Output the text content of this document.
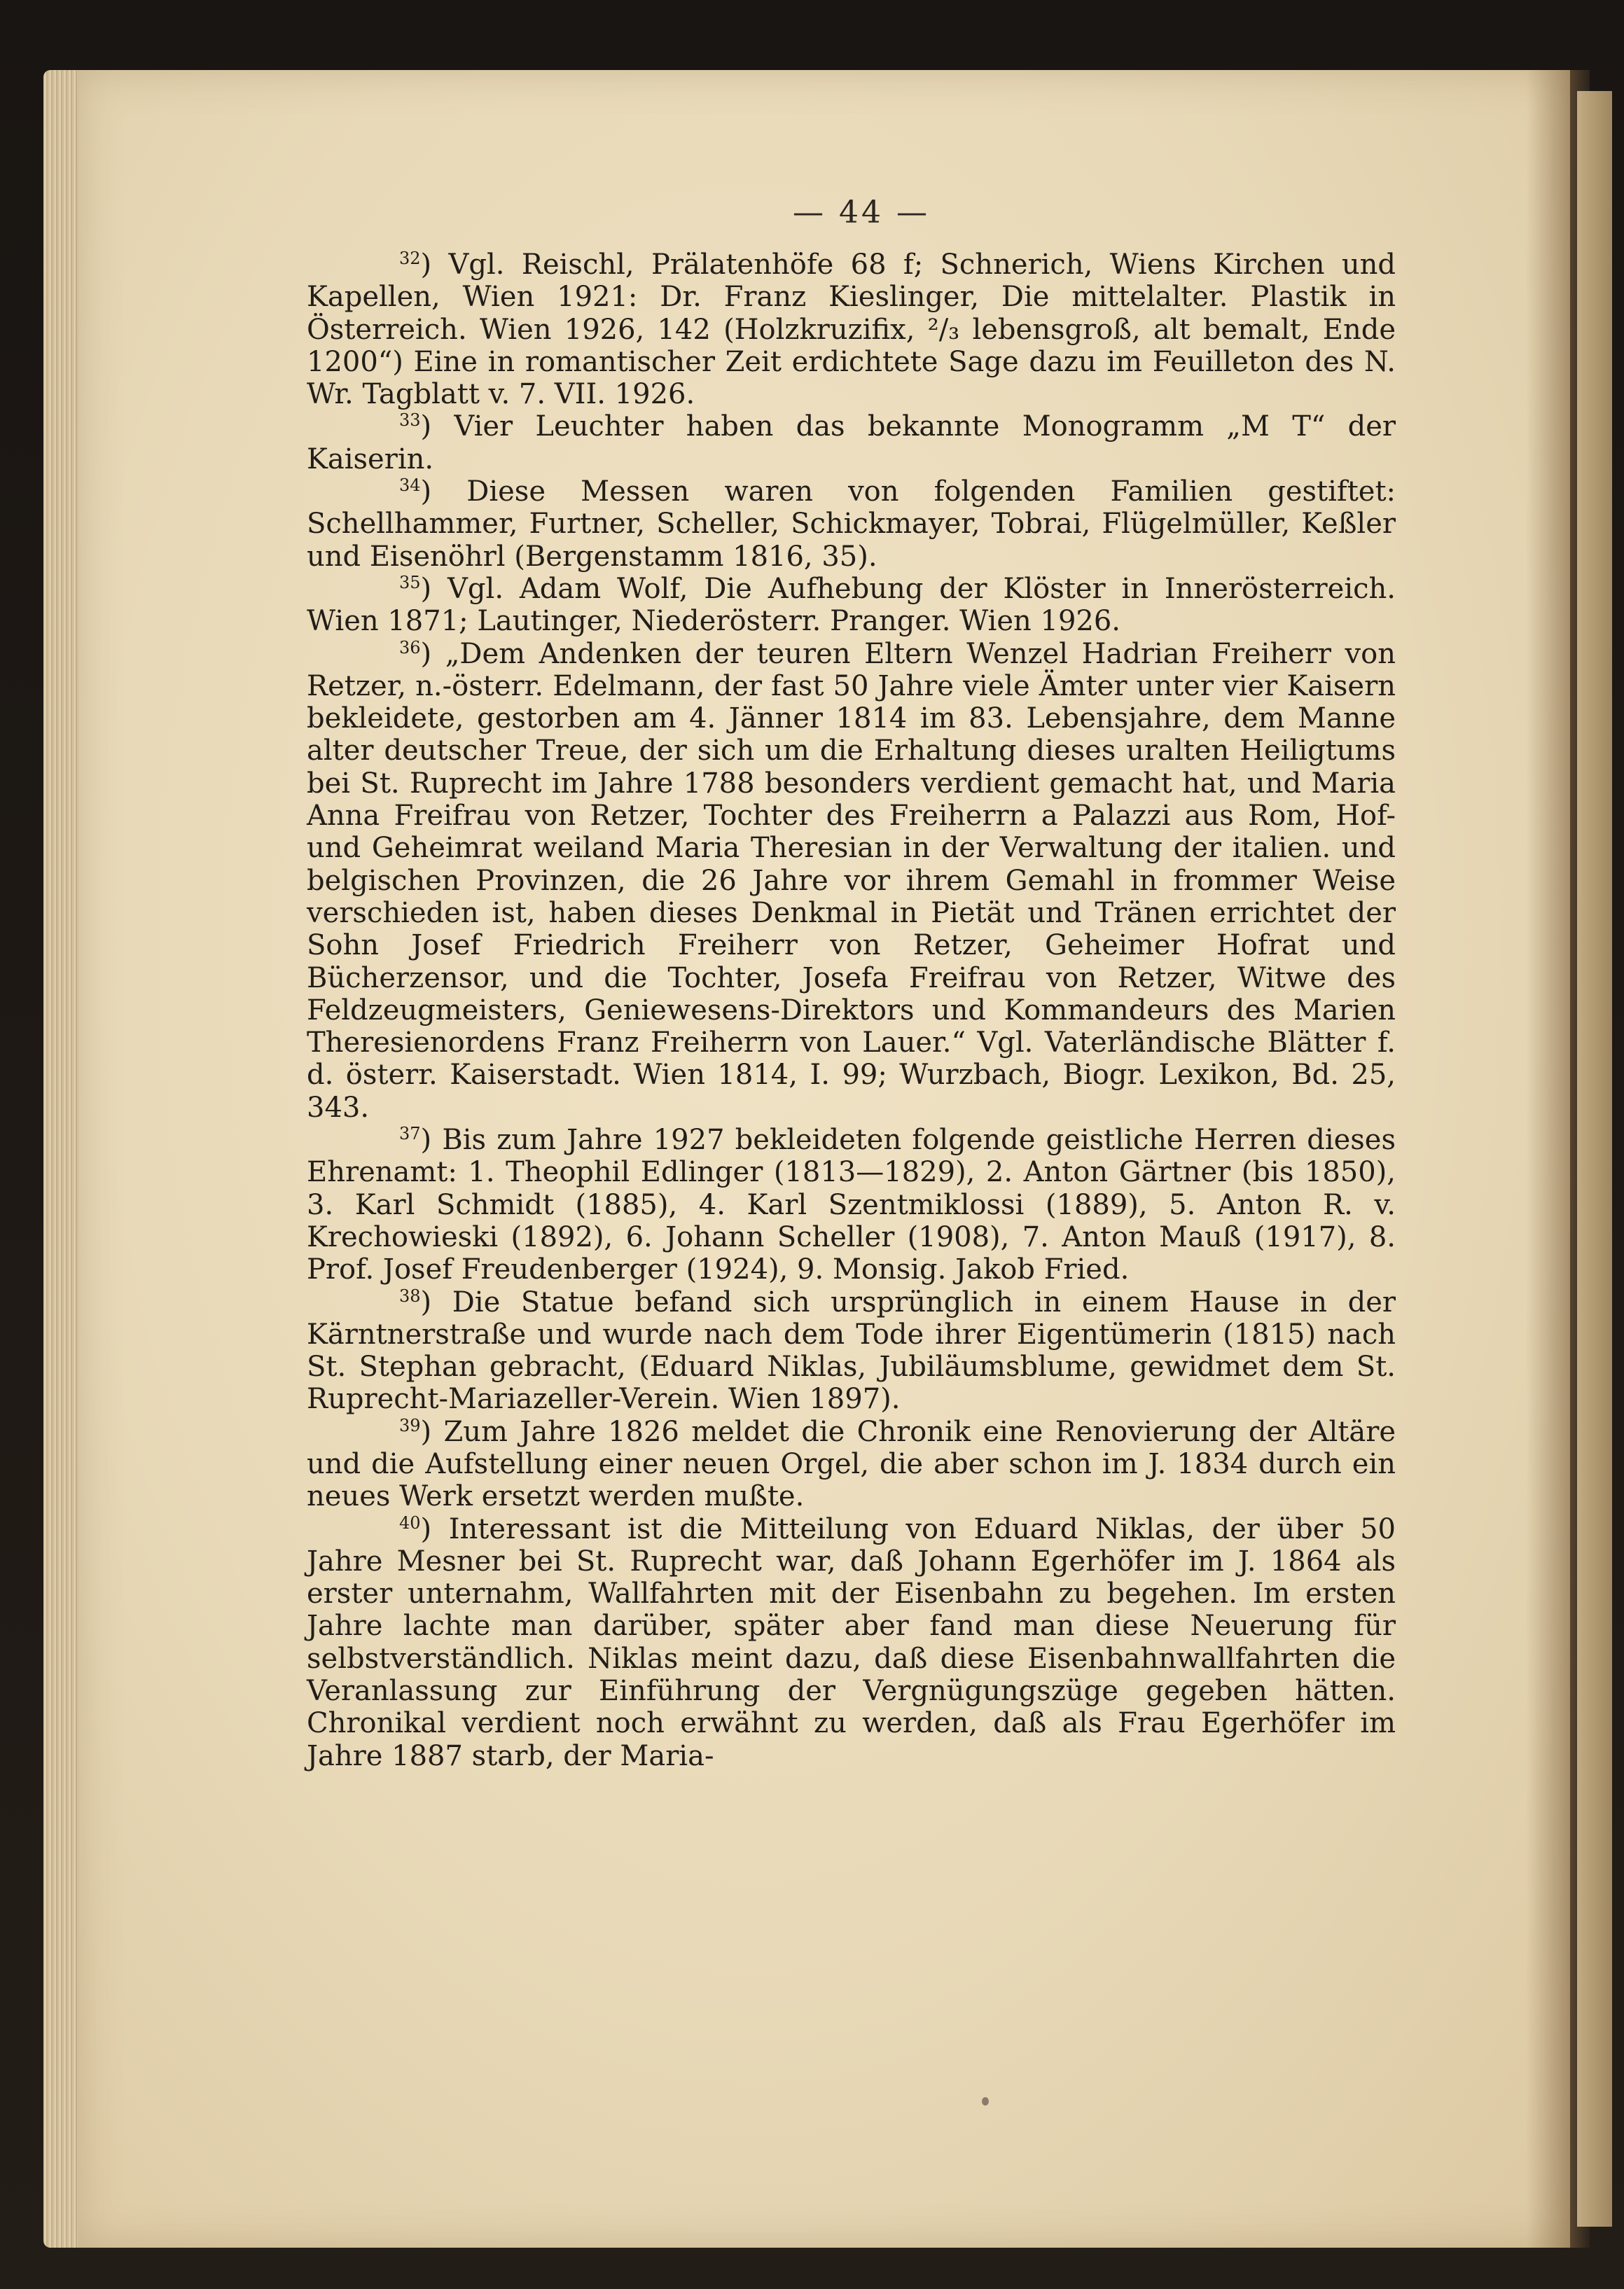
— 44 —

$^{32}$) Vgl. Reischl, Prälatenhöfe 68 f; Schnerich, Wiens Kirchen und Kapellen, Wien 1921: Dr. Franz Kieslinger, Die mittelalter. Plastik in Österreich. Wien 1926, 142 (Holzkruzifix, ²/₃ lebensgroß, alt bemalt, Ende 1200“) Eine in romantischer Zeit erdichtete Sage dazu im Feuilleton des N. Wr. Tagblatt v. 7. VII. 1926.

$^{33}$) Vier Leuchter haben das bekannte Monogramm „M T“ der Kaiserin.

$^{34}$) Diese Messen waren von folgenden Familien gestiftet: Schellhammer, Furtner, Scheller, Schickmayer, Tobrai, Flügelmüller, Keßler und Eisenöhrl (Bergenstamm 1816, 35).

$^{35}$) Vgl. Adam Wolf, Die Aufhebung der Klöster in Innerösterreich. Wien 1871; Lautinger, Niederösterr. Pranger. Wien 1926.

$^{36}$) „Dem Andenken der teuren Eltern Wenzel Hadrian Freiherr von Retzer, n.-österr. Edelmann, der fast 50 Jahre viele Ämter unter vier Kaisern bekleidete, gestorben am 4. Jänner 1814 im 83. Lebensjahre, dem Manne alter deutscher Treue, der sich um die Erhaltung dieses uralten Heiligtums bei St. Ruprecht im Jahre 1788 besonders verdient gemacht hat, und Maria Anna Freifrau von Retzer, Tochter des Freiherrn a Palazzi aus Rom, Hof- und Geheimrat weiland Maria Theresian in der Verwaltung der italien. und belgischen Provinzen, die 26 Jahre vor ihrem Gemahl in frommer Weise verschieden ist, haben dieses Denkmal in Pietät und Tränen errichtet der Sohn Josef Friedrich Freiherr von Retzer, Geheimer Hofrat und Bücherzensor, und die Tochter, Josefa Freifrau von Retzer, Witwe des Feldzeugmeisters, Geniewesens-Direktors und Kommandeurs des Marien Theresienordens Franz Freiherrn von Lauer.“ Vgl. Vaterländische Blätter f. d. österr. Kaiserstadt. Wien 1814, I. 99; Wurzbach, Biogr. Lexikon, Bd. 25, 343.

$^{37}$) Bis zum Jahre 1927 bekleideten folgende geistliche Herren dieses Ehrenamt: 1. Theophil Edlinger (1813—1829), 2. Anton Gärtner (bis 1850), 3. Karl Schmidt (1885), 4. Karl Szentmiklossi (1889), 5. Anton R. v. Krechowieski (1892), 6. Johann Scheller (1908), 7. Anton Mauß (1917), 8. Prof. Josef Freudenberger (1924), 9. Monsig. Jakob Fried.

$^{38}$) Die Statue befand sich ursprünglich in einem Hause in der Kärntnerstraße und wurde nach dem Tode ihrer Eigentümerin (1815) nach St. Stephan gebracht, (Eduard Niklas, Jubiläumsblume, gewidmet dem St. Ruprecht-Mariazeller-Verein. Wien 1897).

$^{39}$) Zum Jahre 1826 meldet die Chronik eine Renovierung der Altäre und die Aufstellung einer neuen Orgel, die aber schon im J. 1834 durch ein neues Werk ersetzt werden mußte.

$^{40}$) Interessant ist die Mitteilung von Eduard Niklas, der über 50 Jahre Mesner bei St. Ruprecht war, daß Johann Egerhöfer im J. 1864 als erster unternahm, Wallfahrten mit der Eisenbahn zu begehen. Im ersten Jahre lachte man darüber, später aber fand man diese Neuerung für selbstverständlich. Niklas meint dazu, daß diese Eisenbahnwallfahrten die Veranlassung zur Einführung der Vergnügungszüge gegeben hätten. Chronikal verdient noch erwähnt zu werden, daß als Frau Egerhöfer im Jahre 1887 starb, der Maria-
